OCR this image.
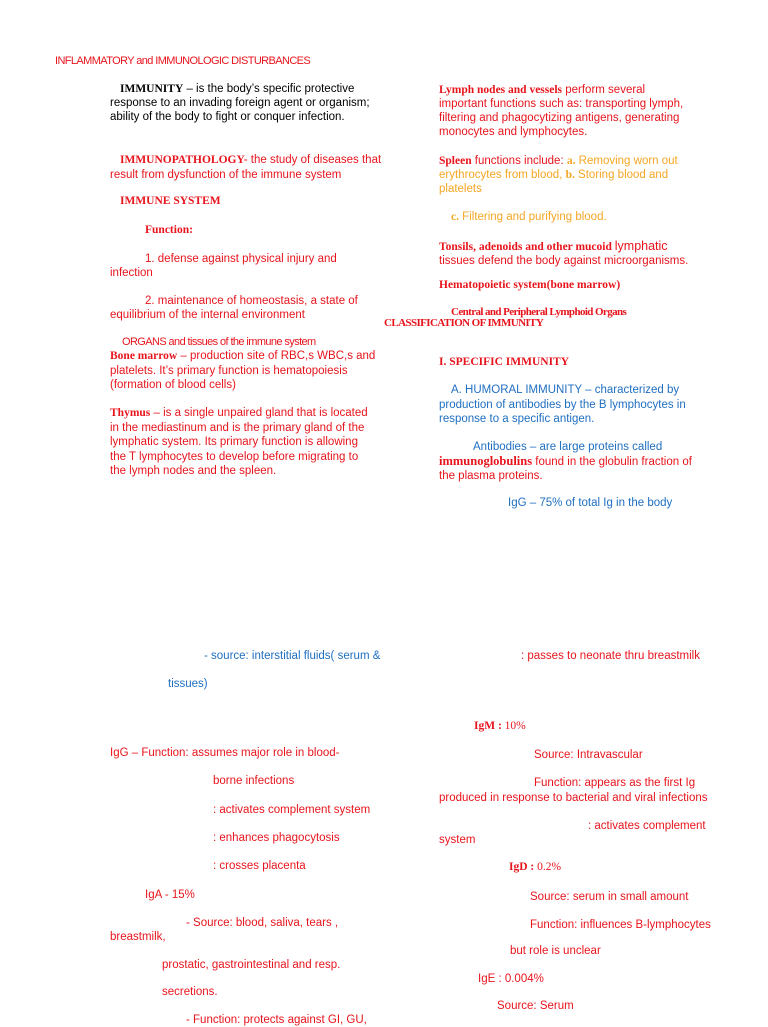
INFLAMMATORY and IMMUNOLOGIC DISTURBANCES
IMMUNITY – is the body’s specific protective
response to an invading foreign agent or organism;
ability of the body to fight or conquer infection.
IMMUNOPATHOLOGY- the study of diseases that
result from dysfunction of the immune system
IMMUNE SYSTEM
Function:
1. defense against physical injury and
infection
2. maintenance of homeostasis, a state of
equilibrium of the internal environment
ORGANS and tissues of the immune system
Bone marrow – production site of RBC,s WBC,s and
platelets. It’s primary function is hematopoiesis
(formation of blood cells)
Thymus – is a single unpaired gland that is located
in the mediastinum and is the primary gland of the
lymphatic system. Its primary function is allowing
the T lymphocytes to develop before migrating to
the lymph nodes and the spleen.
Lymph nodes and vessels perform several
important functions such as: transporting lymph,
filtering and phagocytizing antigens, generating
monocytes and lymphocytes.
Spleen functions include: a. Removing worn out
erythrocytes from blood, b. Storing blood and
platelets
c. Filtering and purifying blood.
Tonsils, adenoids and other mucoid lymphatic
tissues defend the body against microorganisms.
Hematopoietic system(bone marrow)
Central and Peripheral Lymphoid Organs
CLASSIFICATION OF IMMUNITY
I. SPECIFIC IMMUNITY
A. HUMORAL IMMUNITY – characterized by
production of antibodies by the B lymphocytes in
response to a specific antigen.
Antibodies – are large proteins called
immunoglobulins found in the globulin fraction of
the plasma proteins.
IgG – 75% of total Ig in the body
- source: interstitial fluids( serum &
tissues)
: passes to neonate thru breastmilk
IgG – Function: assumes major role in blood-
borne infections
: activates complement system
: enhances phagocytosis
: crosses placenta
IgA - 15%
- Source: blood, saliva, tears ,
breastmilk,
prostatic, gastrointestinal and resp.
secretions.
- Function: protects against GI, GU,
IgM : 10%
Source: Intravascular
Function: appears as the first Ig
produced in response to bacterial and viral infections
: activates complement
system
IgD : 0.2%
Source: serum in small amount
Function: influences B-lymphocytes
but role is unclear
IgE : 0.004%
Source: Serum
